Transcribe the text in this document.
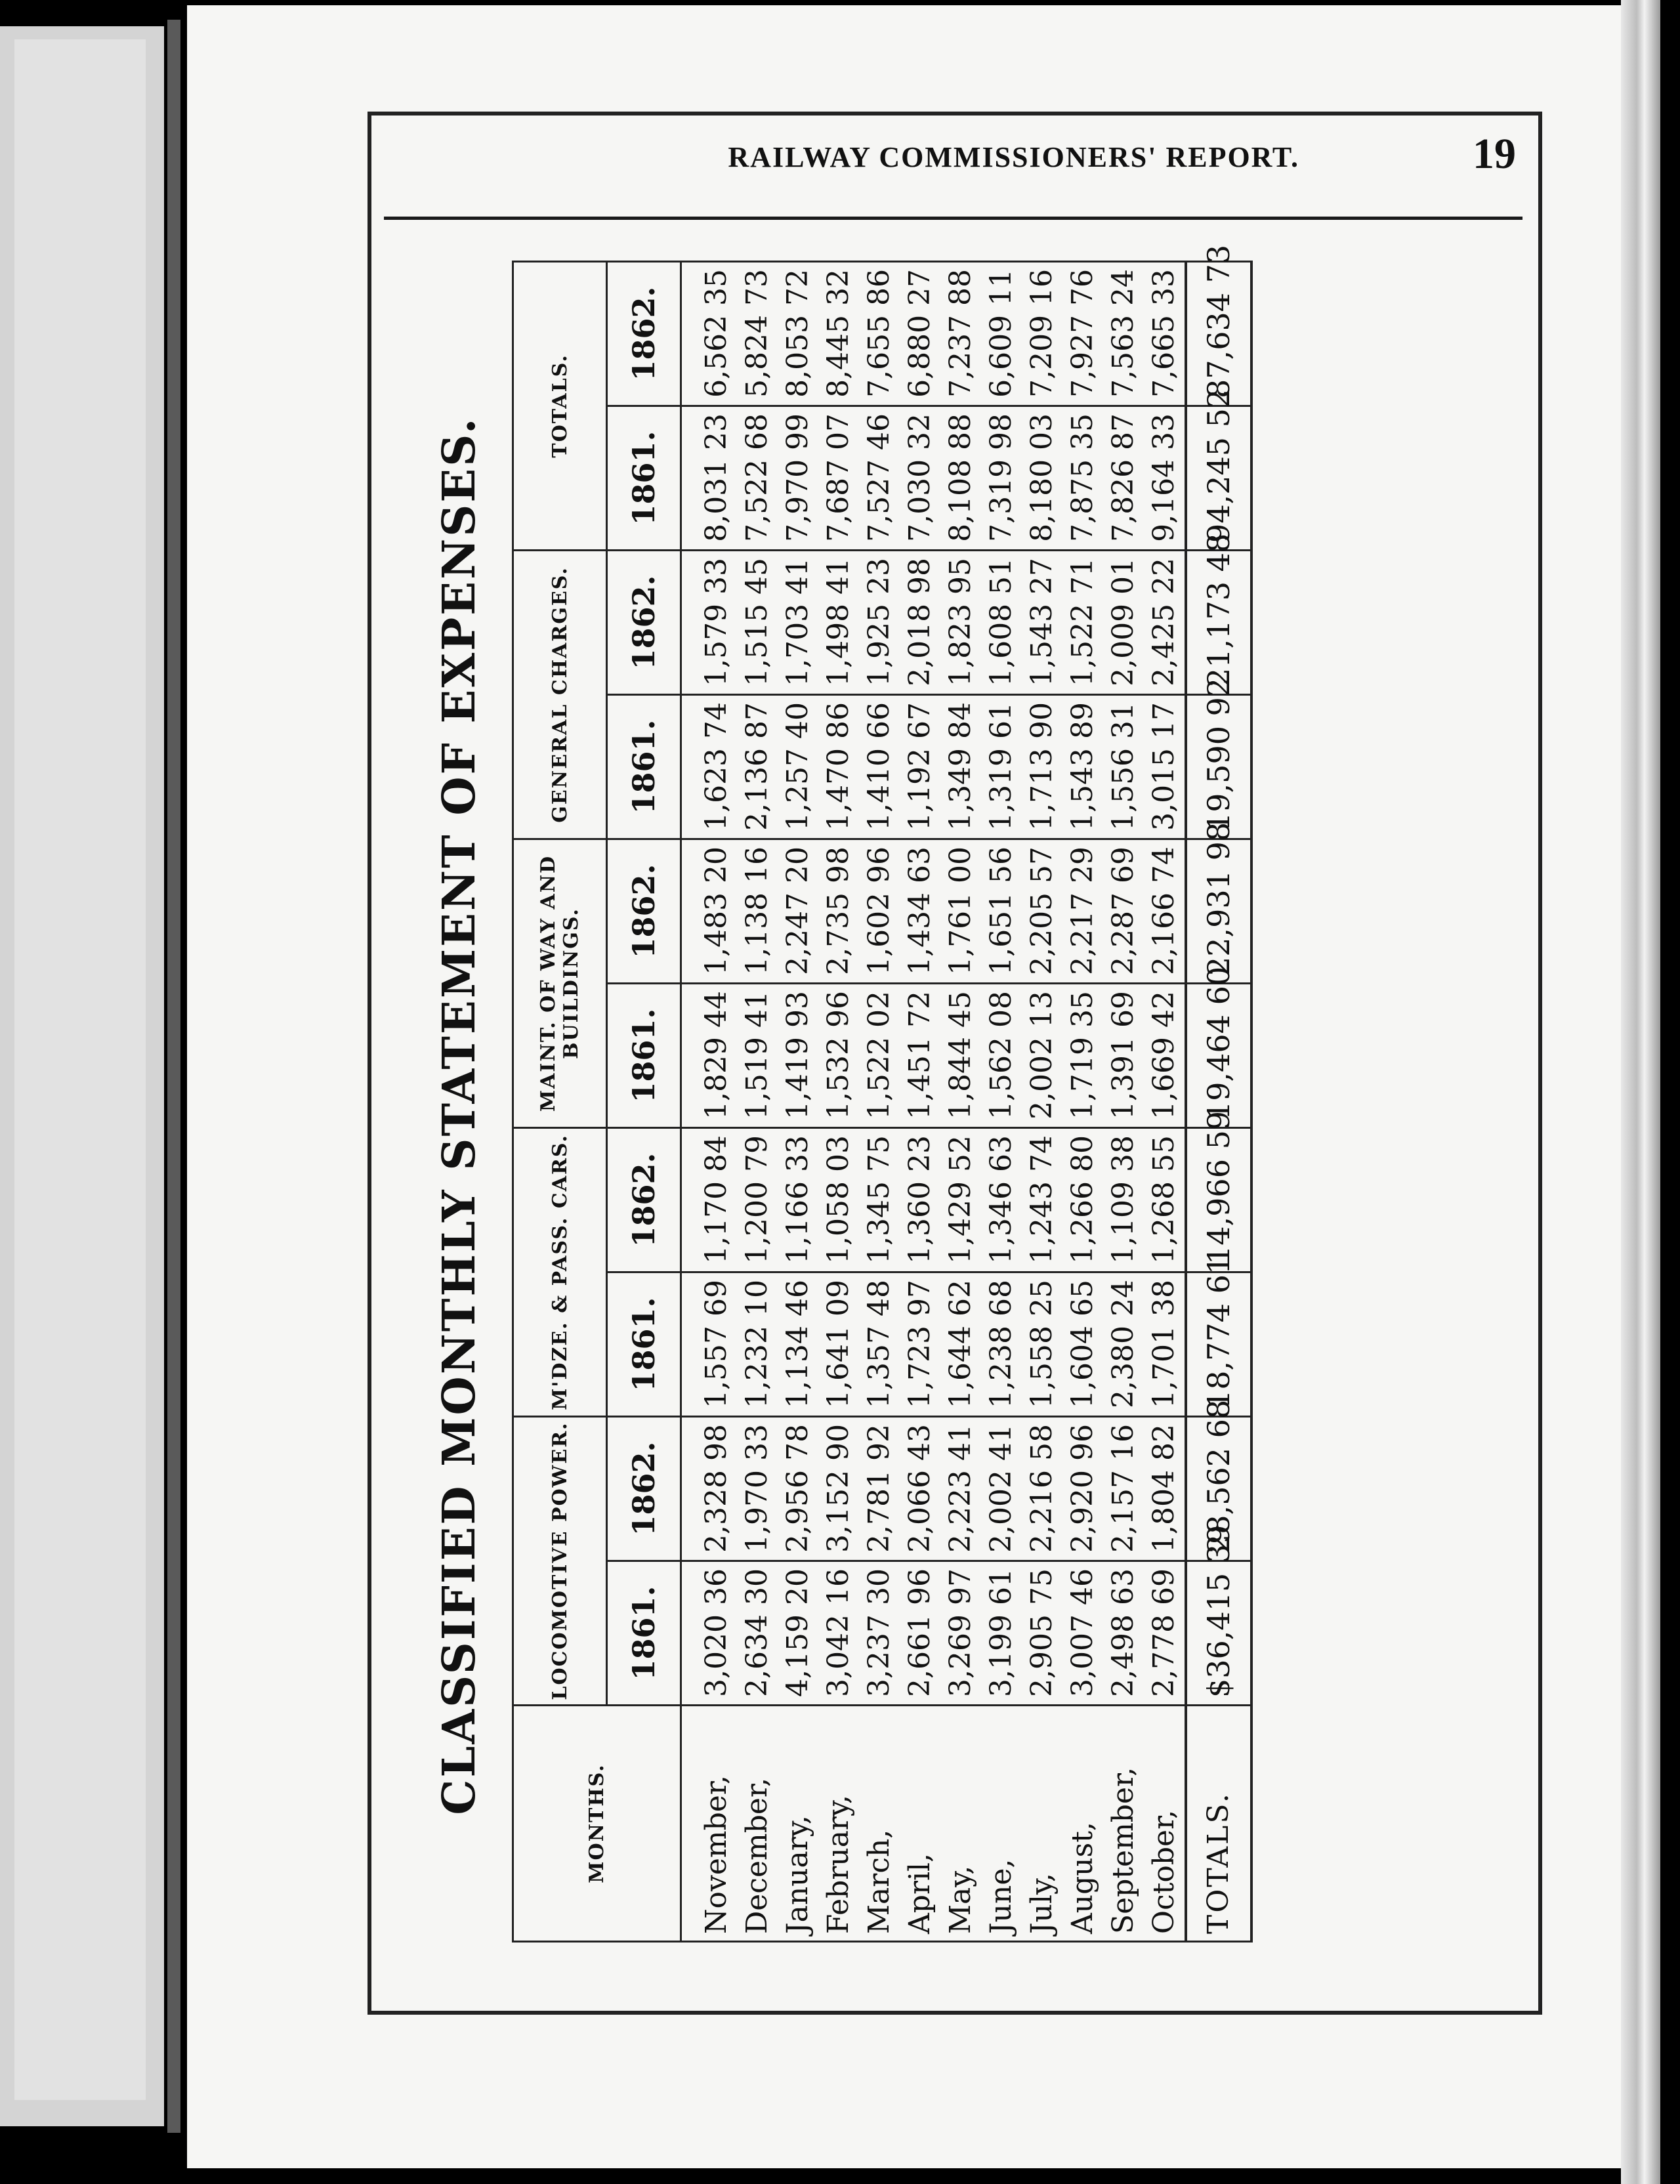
RAILWAY COMMISSIONERS' REPORT.	19
CLASSIFIED MONTHLY STATEMENT OF EXPENSES.
MONTHS.	LOCOMOTIVE POWER.		M'DZE. & PASS. CARS.		MAINT. OF WAY AND BUILDINGS.		GENERAL CHARGES.		TOTALS.	
	1861.	1862.	1861.	1862.	1861.	1862.	1861.	1862.	1861.	1862.
November,	3,020 36	2,328 98	1,557 69	1,170 84	1,829 44	1,483 20	1,623 74	1,579 33	8,031 23	6,562 35
December,	2,634 30	1,970 33	1,232 10	1,200 79	1,519 41	1,138 16	2,136 87	1,515 45	7,522 68	5,824 73
January,	4,159 20	2,956 78	1,134 46	1,166 33	1,419 93	2,247 20	1,257 40	1,703 41	7,970 99	8,053 72
February,	3,042 16	3,152 90	1,641 09	1,058 03	1,532 96	2,735 98	1,470 86	1,498 41	7,687 07	8,445 32
March,	3,237 30	2,781 92	1,357 48	1,345 75	1,522 02	1,602 96	1,410 66	1,925 23	7,527 46	7,655 86
April,	2,661 96	2,066 43	1,723 97	1,360 23	1,451 72	1,434 63	1,192 67	2,018 98	7,030 32	6,880 27
May,	3,269 97	2,223 41	1,644 62	1,429 52	1,844 45	1,761 00	1,349 84	1,823 95	8,108 88	7,237 88
June,	3,199 61	2,002 41	1,238 68	1,346 63	1,562 08	1,651 56	1,319 61	1,608 51	7,319 98	6,609 11
July,	2,905 75	2,216 58	1,558 25	1,243 74	2,002 13	2,205 57	1,713 90	1,543 27	8,180 03	7,209 16
August,	3,007 46	2,920 96	1,604 65	1,266 80	1,719 35	2,217 29	1,543 89	1,522 71	7,875 35	7,927 76
September,	2,498 63	2,157 16	2,380 24	1,109 38	1,391 69	2,287 69	1,556 31	2,009 01	7,826 87	7,563 24
October,	2,778 69	1,804 82	1,701 38	1,268 55	1,669 42	2,166 74	3,015 17	2,425 22	9,164 33	7,665 33
TOTALS.	$36,415 39	28,562 68	18,774 61	14,966 59	19,464 60	22,931 98	19,590 92	21,173 48	94,245 52	87,634 73
